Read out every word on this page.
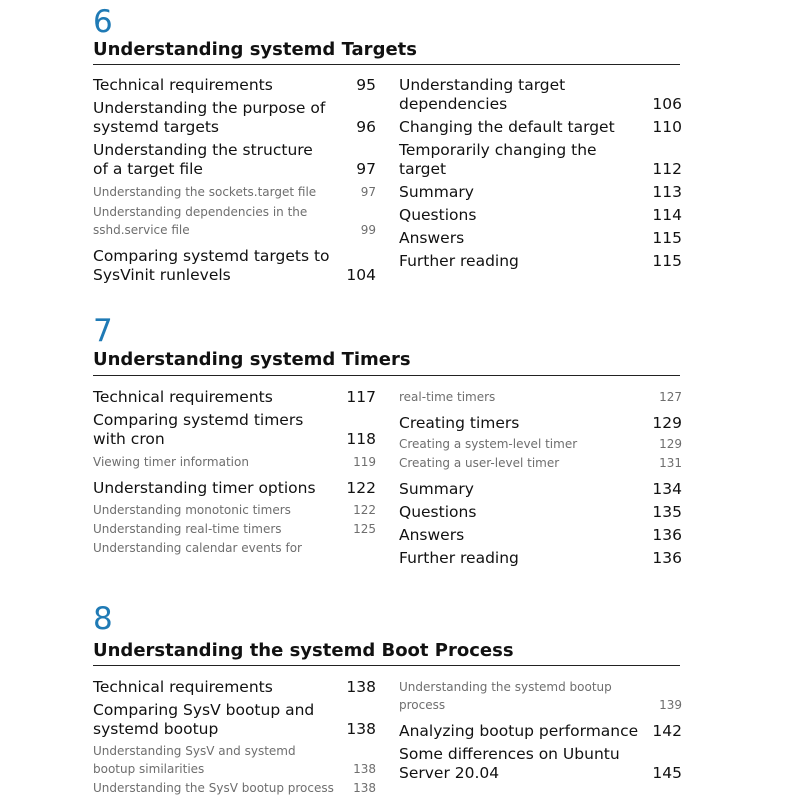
6
Understanding systemd Targets
Technical requirements	95
Understanding the purpose of systemd targets	96
Understanding the structure of a target file	97
Understanding the sockets.target file	97
Understanding dependencies in the sshd.service file	99
Comparing systemd targets to SysVinit runlevels	104
Understanding target dependencies	106
Changing the default target	110
Temporarily changing the target	112
Summary	113
Questions	114
Answers	115
Further reading	115
7
Understanding systemd Timers
Technical requirements	117
Comparing systemd timers with cron	118
Viewing timer information	119
Understanding timer options	122
Understanding monotonic timers	122
Understanding real-time timers	125
Understanding calendar events for
real-time timers	127
Creating timers	129
Creating a system-level timer	129
Creating a user-level timer	131
Summary	134
Questions	135
Answers	136
Further reading	136
8
Understanding the systemd Boot Process
Technical requirements	138
Comparing SysV bootup and systemd bootup	138
Understanding SysV and systemd bootup similarities	138
Understanding the SysV bootup process	138
Understanding the systemd bootup process	139
Analyzing bootup performance 142
Some differences on Ubuntu Server 20.04	145
